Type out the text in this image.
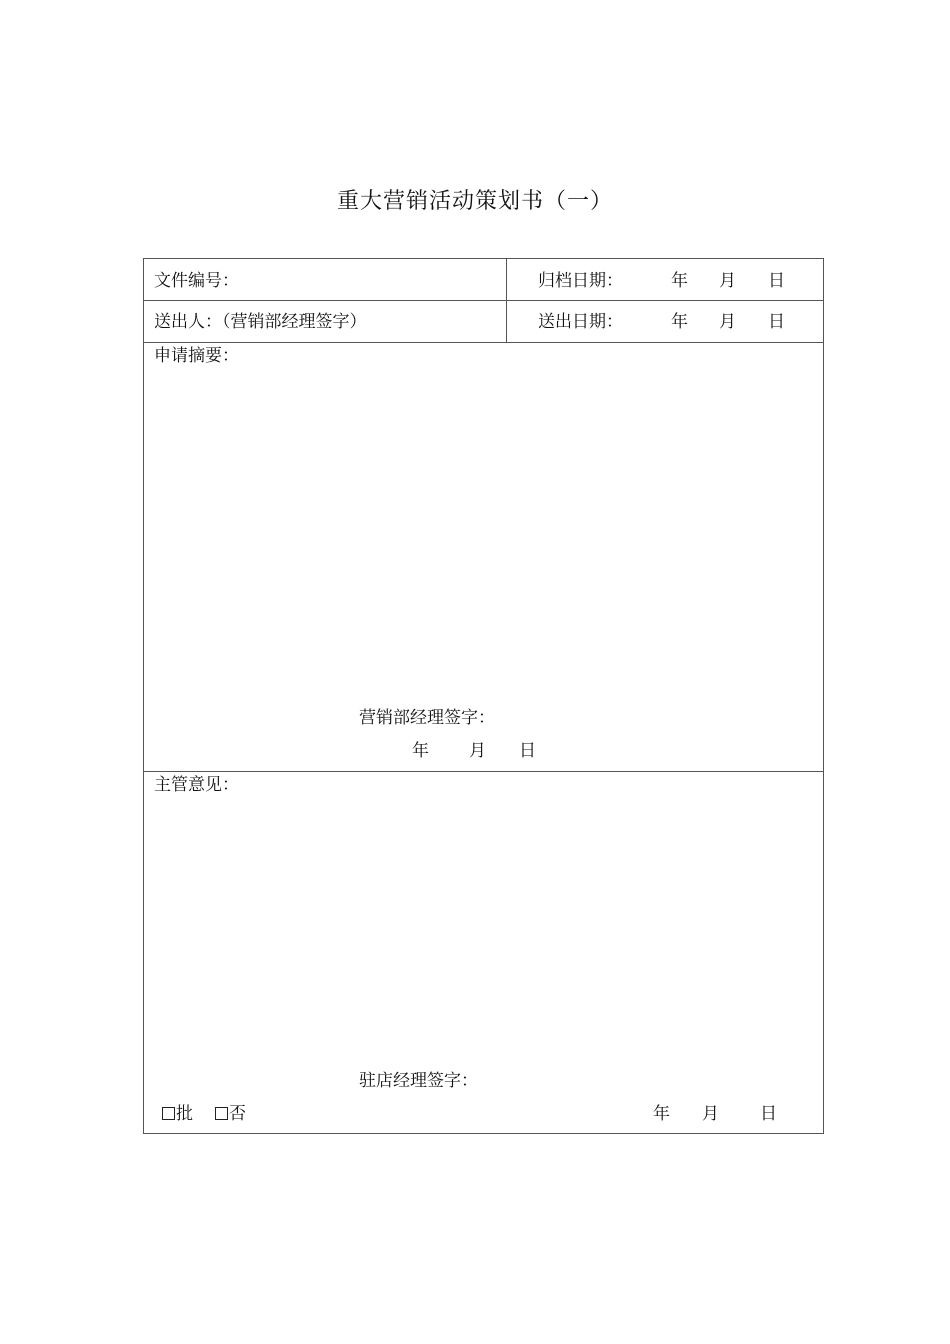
重大营销活动策划书（一）
文件编号：	归档日期：	年 月 日
送出人：（营销部经理签字）	送出日期：	年 月 日
申请摘要：
营销部经理签字：
年 月 日
主管意见：
驻店经理签字：
批	否	年 月 日
